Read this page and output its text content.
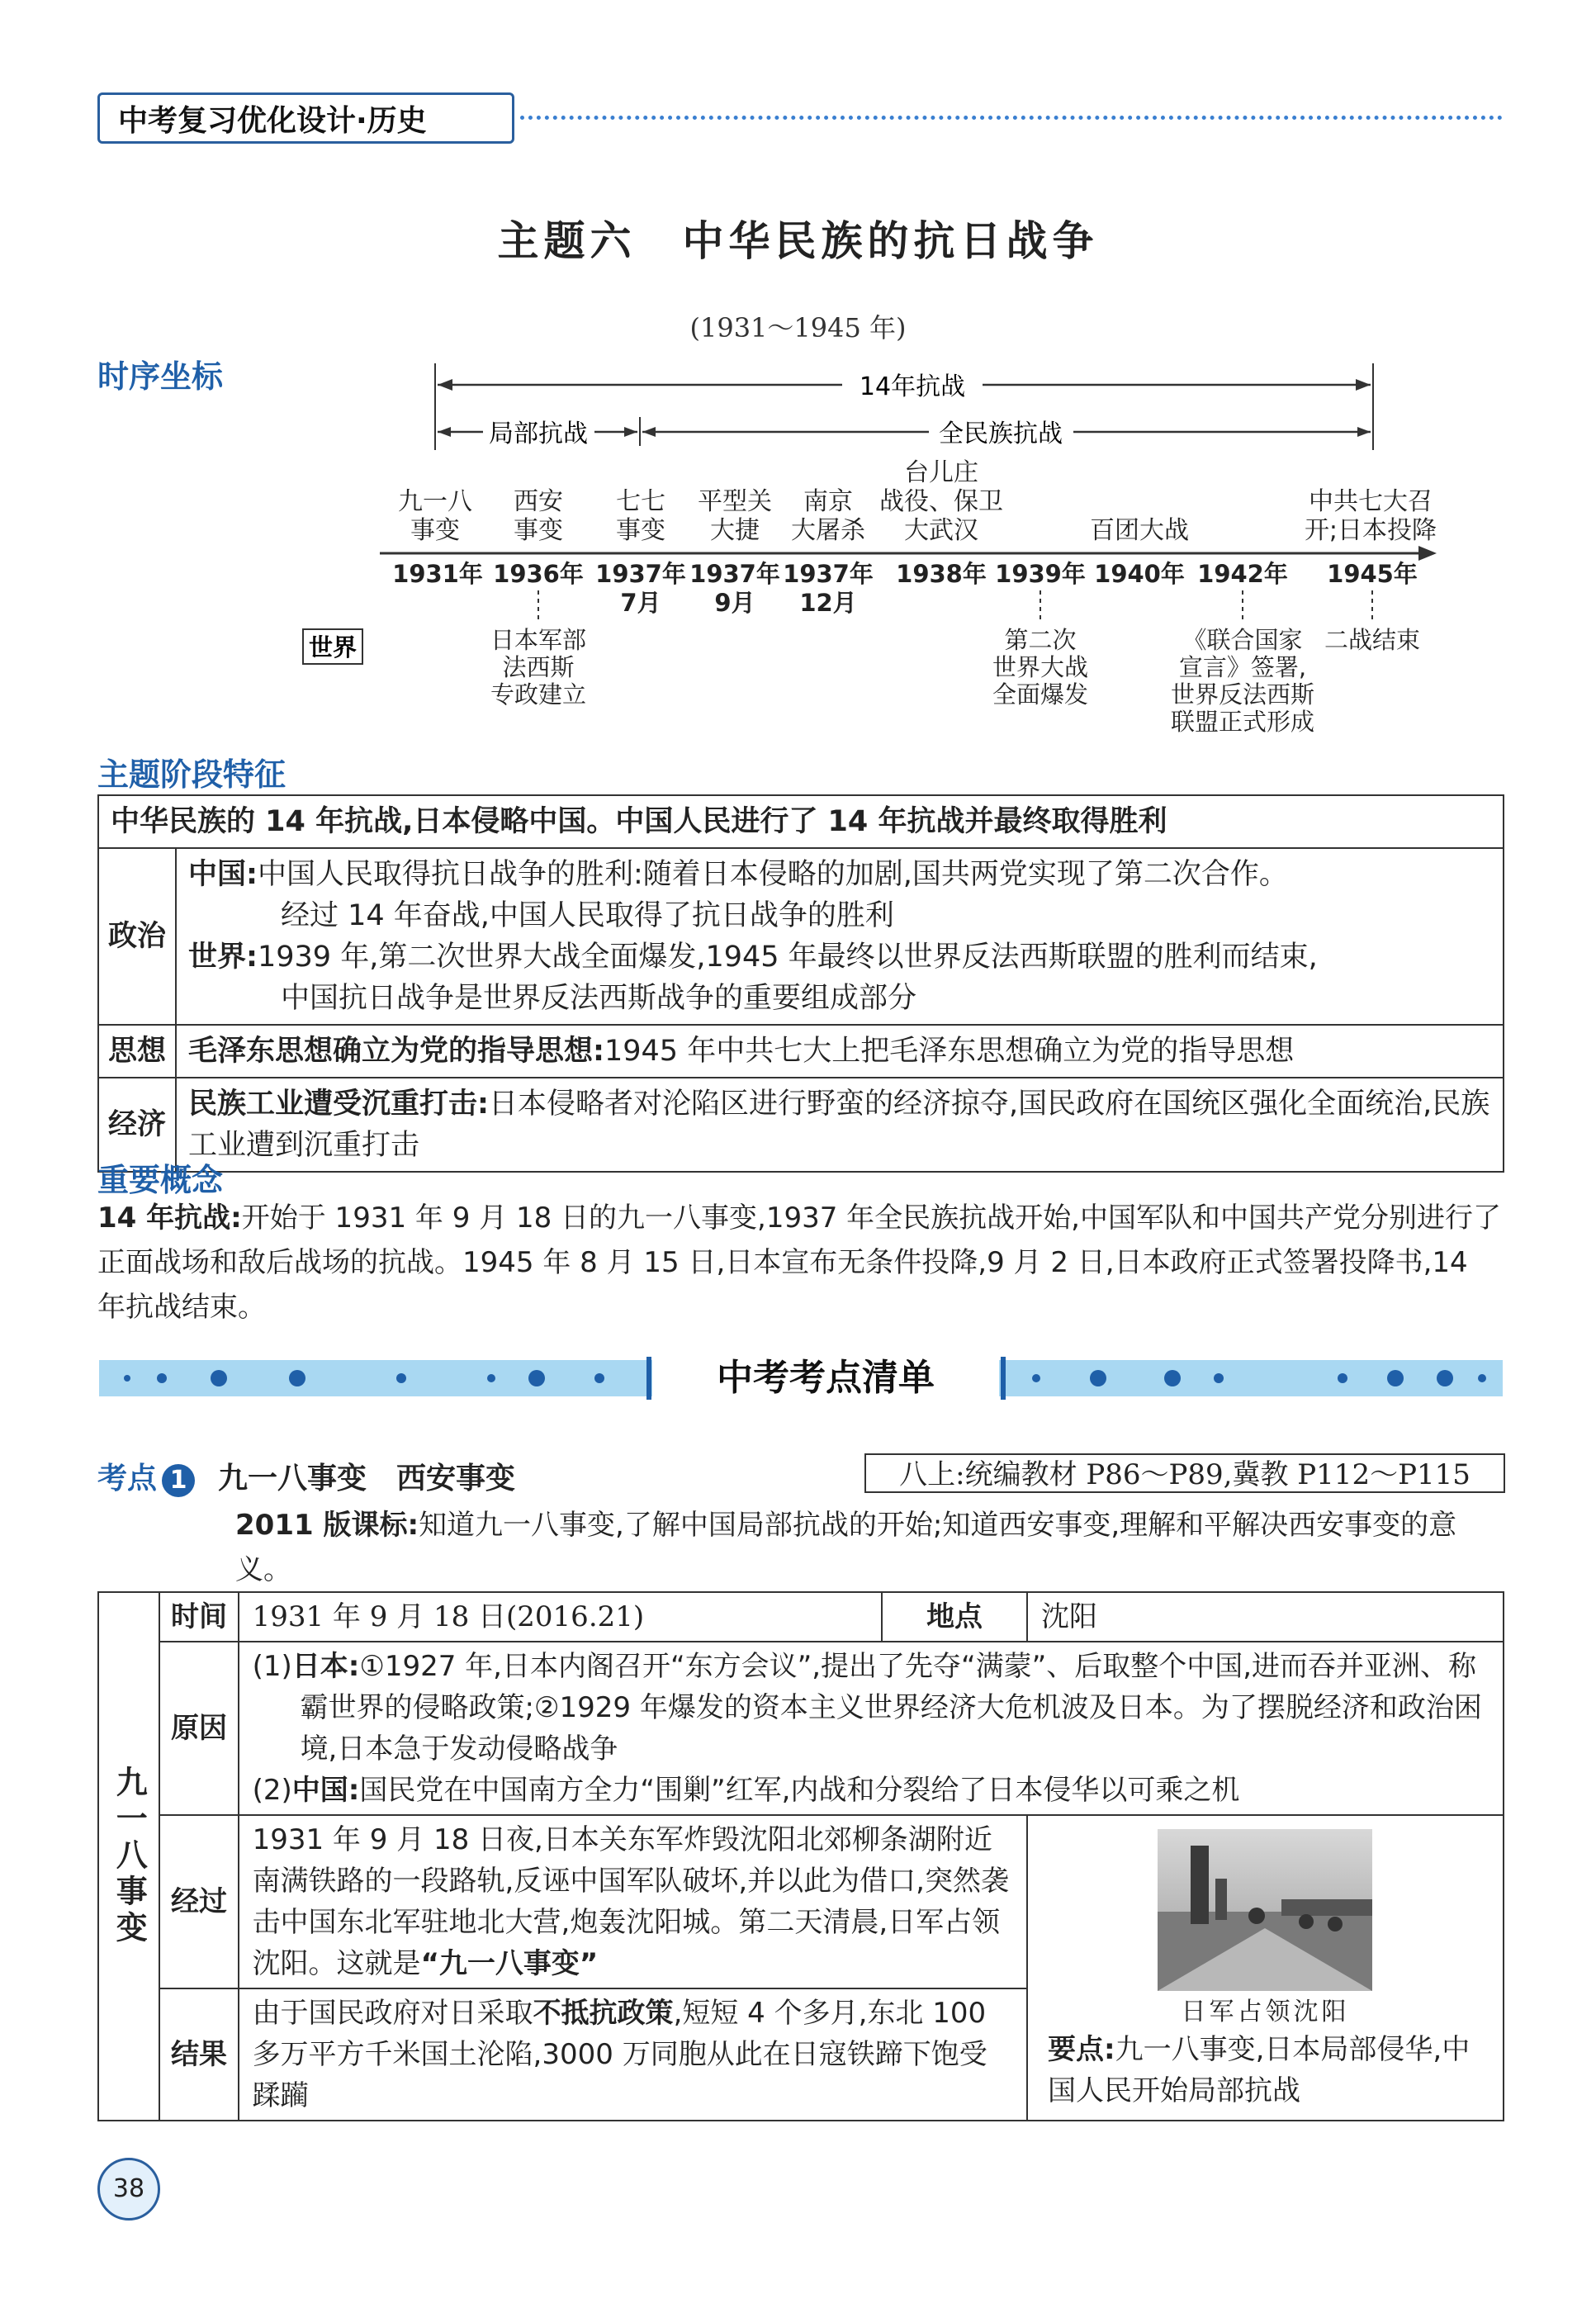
中考复习优化设计·历史
主题六　中华民族的抗日战争
(1931～1945 年)
时序坐标	14年抗战
局部抗战	全民族抗战
九一八
事变
西安
事变
七七
事变
平型关
大捷
南京
大屠杀
台儿庄
战役、保卫
大武汉	百团大战
中共七大召
开;日本投降
1931年 1936年 1937年
7月
1937年
9月
1937年
12月
1938年 1939年 1940年 1942年 1945年
世界	日本军部
法西斯
专政建立
第二次
世界大战
全面爆发
《联合国家
宣言》签署,
世界反法西斯
联盟正式形成
二战结束
主题阶段特征
中华民族的 14 年抗战,日本侵略中国。中国人民进行了 14 年抗战并最终取得胜利	
政治	中国:中国人民取得抗日战争的胜利:随着日本侵略的加剧,国共两党实现了第二次合作。
经过 14 年奋战,中国人民取得了抗日战争的胜利
世界:1939 年,第二次世界大战全面爆发,1945 年最终以世界反法西斯联盟的胜利而结束,
中国抗日战争是世界反法西斯战争的重要组成部分

思想	毛泽东思想确立为党的指导思想:1945 年中共七大上把毛泽东思想确立为党的指导思想
经济	民族工业遭受沉重打击:日本侵略者对沦陷区进行野蛮的经济掠夺,国民政府在国统区强化全面统治,民族工业遭到沉重打击
重要概念
14 年抗战:开始于 1931 年 9 月 18 日的九一八事变,1937 年全民族抗战开始,中国军队和中国共产党分别进行了正面战场和敌后战场的抗战。1945 年 8 月 15 日,日本宣布无条件投降,9 月 2 日,日本政府正式签署投降书,14 年抗战结束。
中考考点清单
考点 1 九一八事变　西安事变	八上:统编教材 P86～P89,冀教 P112～P115
2011 版课标:知道九一八事变,了解中国局部抗战的开始;知道西安事变,理解和平解决西安事变的意义。
九一八事变	时间	1931 年 9 月 18 日(2016.21)	地点	沈阳
	原因	(1)日本:①1927 年,日本内阁召开“东方会议”,提出了先夺“满蒙”、后取整个中国,进而吞并亚洲、称霸世界的侵略政策;②1929 年爆发的资本主义世界经济大危机波及日本。为了摆脱经济和政治困境,日本急于发动侵略战争
(2)中国:国民党在中国南方全力“围剿”红军,内战和分裂给了日本侵华以可乘之机		

	经过	1931 年 9 月 18 日夜,日本关东军炸毁沈阳北郊柳条湖附近南满铁路的一段路轨,反诬中国军队破坏,并以此为借口,突然袭击中国东北军驻地北大营,炮轰沈阳城。第二天清晨,日军占领沈阳。这就是“九一八事变”		日军占领沈阳
要点:九一八事变,日本局部侵华,中国人民开始局部抗战

	结果	由于国民政府对日采取不抵抗政策,短短 4 个多月,东北 100 多万平方千米国土沦陷,3000 万同胞从此在日寇铁蹄下饱受蹂躏		
38
